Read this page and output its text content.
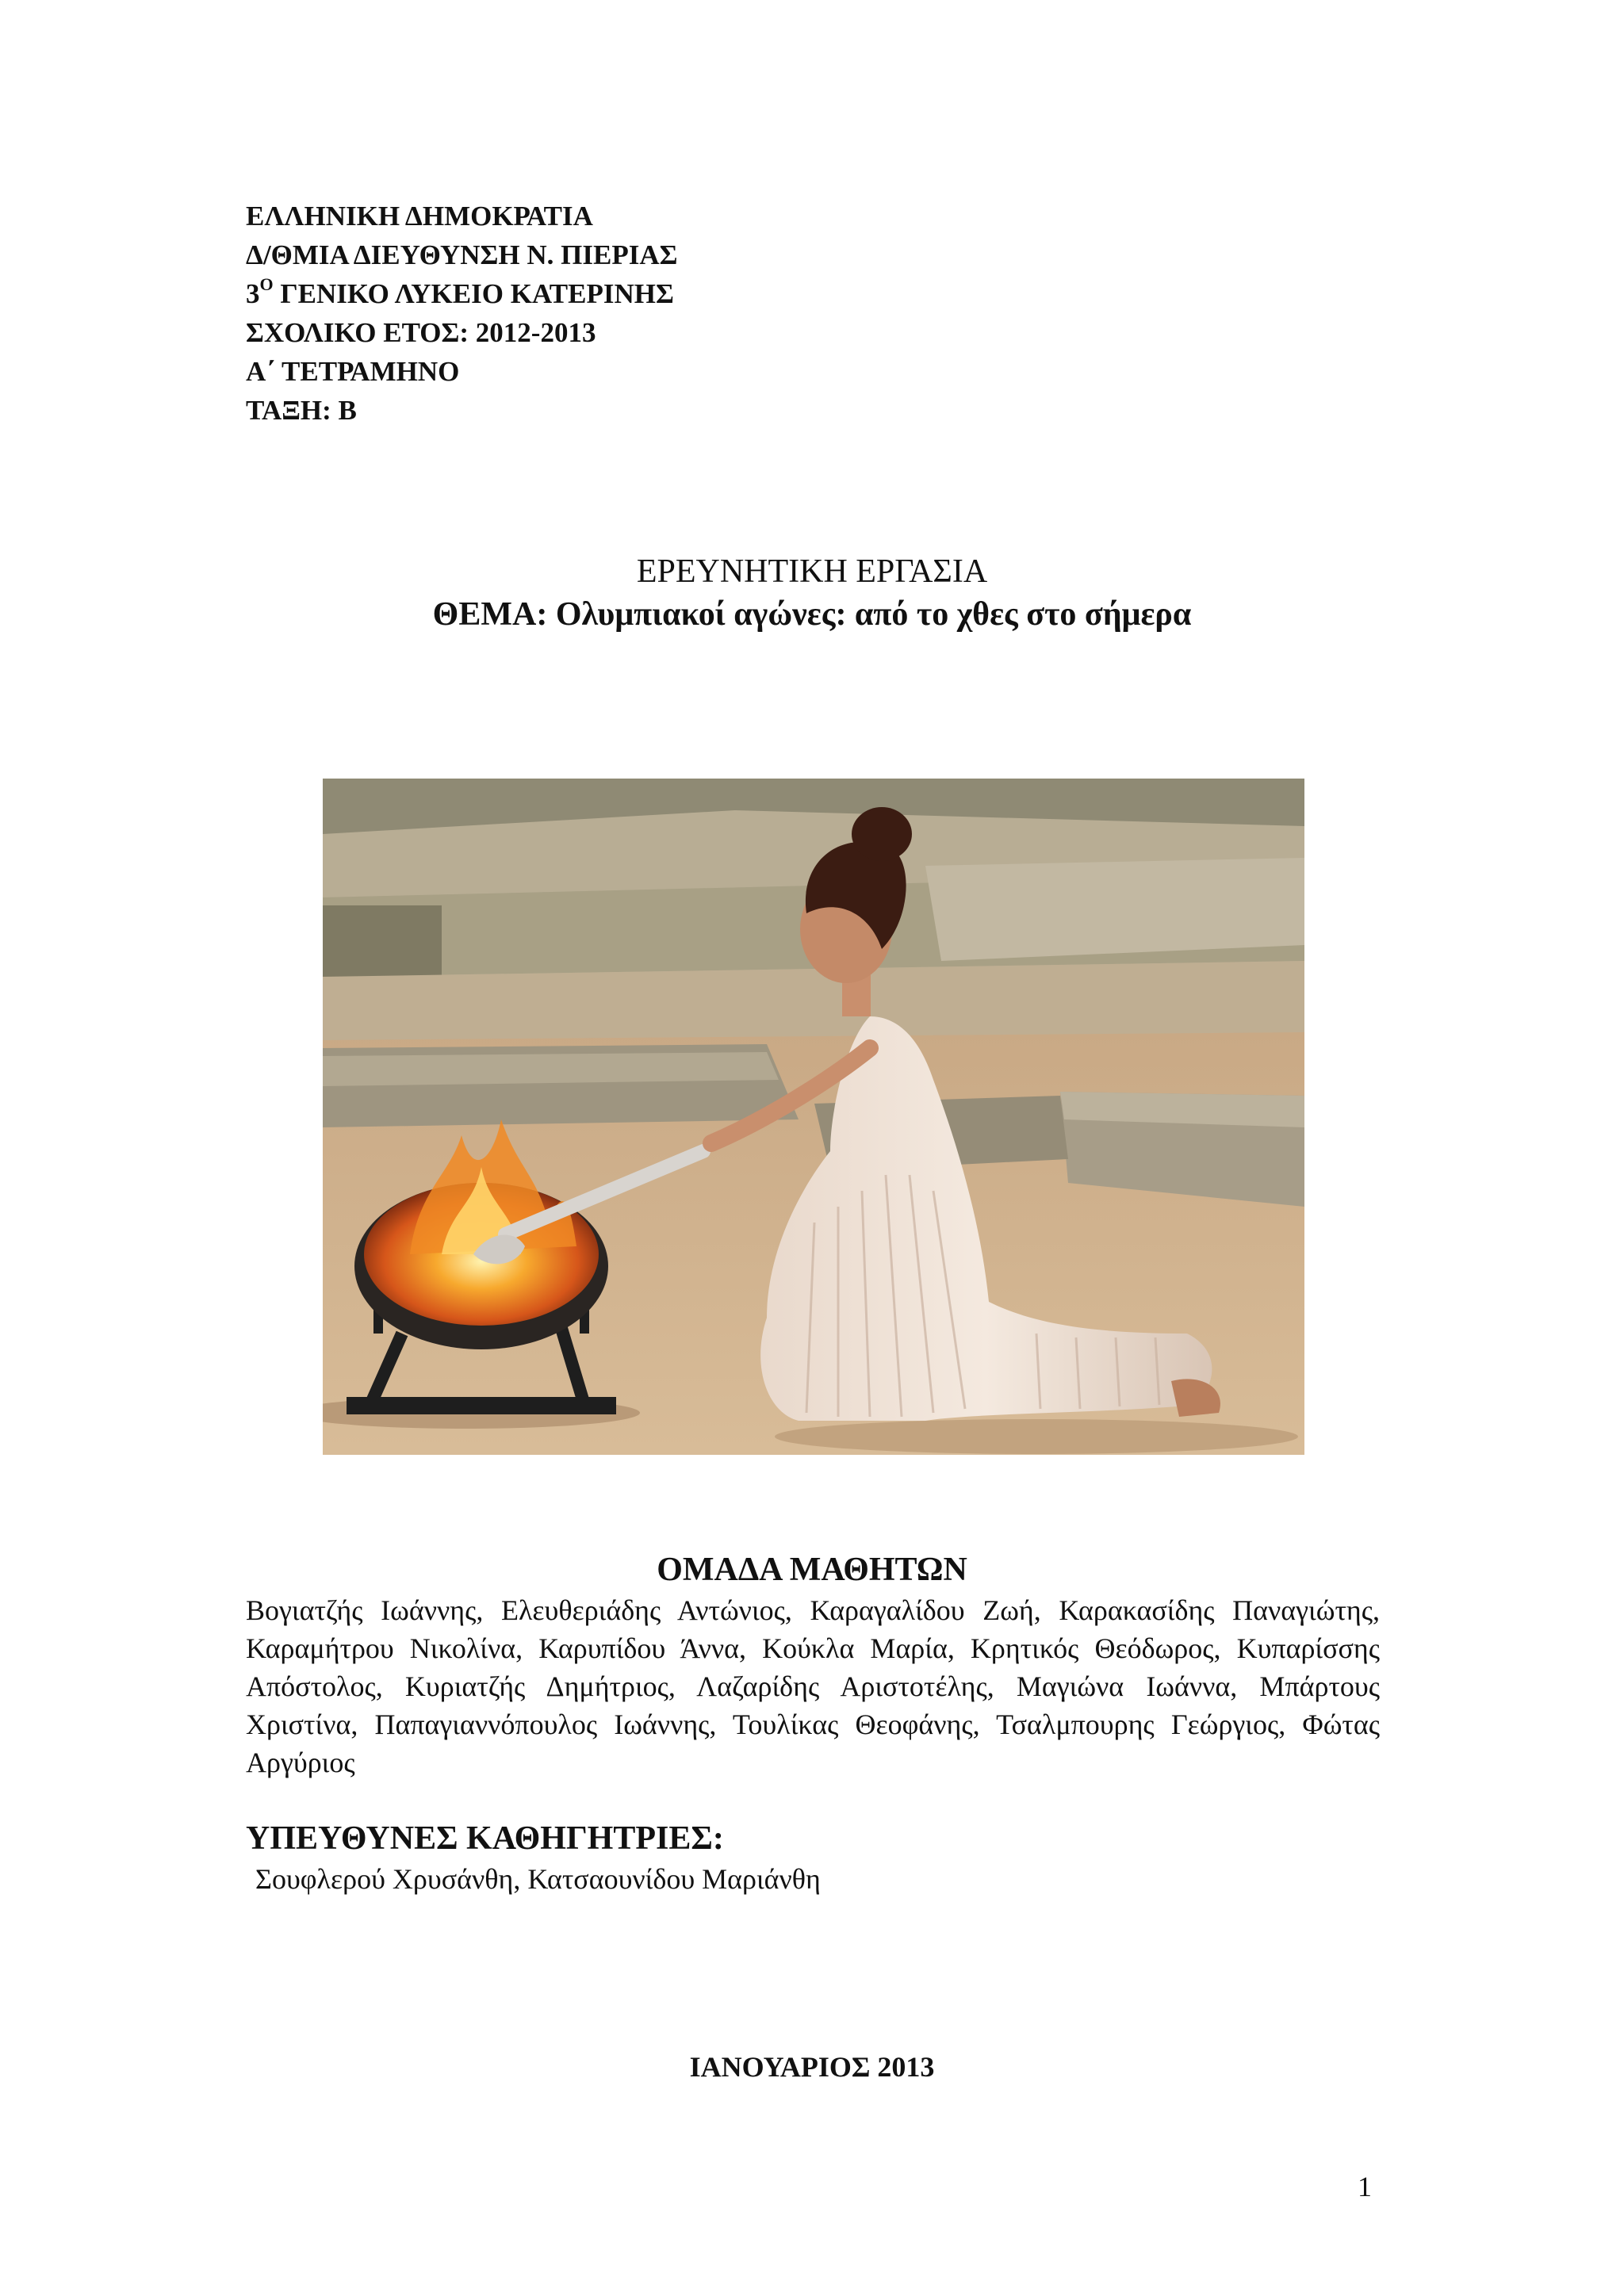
ΕΛΛΗΝΙΚΗ ΔΗΜΟΚΡΑΤΙΑ
Δ/ΘΜΙΑ ΔΙΕΥΘΥΝΣΗ Ν. ΠΙΕΡΙΑΣ
$3^O$ ΓΕΝΙΚΟ ΛΥΚΕΙΟ ΚΑΤΕΡΙΝΗΣ
ΣΧΟΛΙΚΟ ΕΤΟΣ: 2012-2013
Α΄ ΤΕΤΡΑΜΗΝΟ
ΤΑΞΗ: Β
ΕΡΕΥΝΗΤΙΚΗ ΕΡΓΑΣΙΑ
ΘΕΜΑ: Ολυμπιακοί αγώνες: από το χθες στο σήμερα
ΟΜΑΔΑ ΜΑΘΗΤΩΝ
Βογιατζής Ιωάννης, Ελευθεριάδης Αντώνιος, Καραγαλίδου Ζωή, Καρακασίδης Παναγιώτης, Καραμήτρου Νικολίνα, Καρυπίδου Άννα, Κούκλα Μαρία, Κρητικός Θεόδωρος, Κυπαρίσσης Απόστολος, Κυριατζής Δημήτριος, Λαζαρίδης Αριστοτέλης, Μαγιώνα Ιωάννα, Μπάρτους Χριστίνα, Παπαγιαννόπουλος Ιωάννης, Τουλίκας Θεοφάνης, Τσαλμπουρης Γεώργιος, Φώτας Αργύριος
ΥΠΕΥΘΥΝΕΣ ΚΑΘΗΓΗΤΡΙΕΣ:
Σουφλερού Χρυσάνθη, Κατσαουνίδου Μαριάνθη
ΙΑΝΟΥΑΡΙΟΣ 2013
1
